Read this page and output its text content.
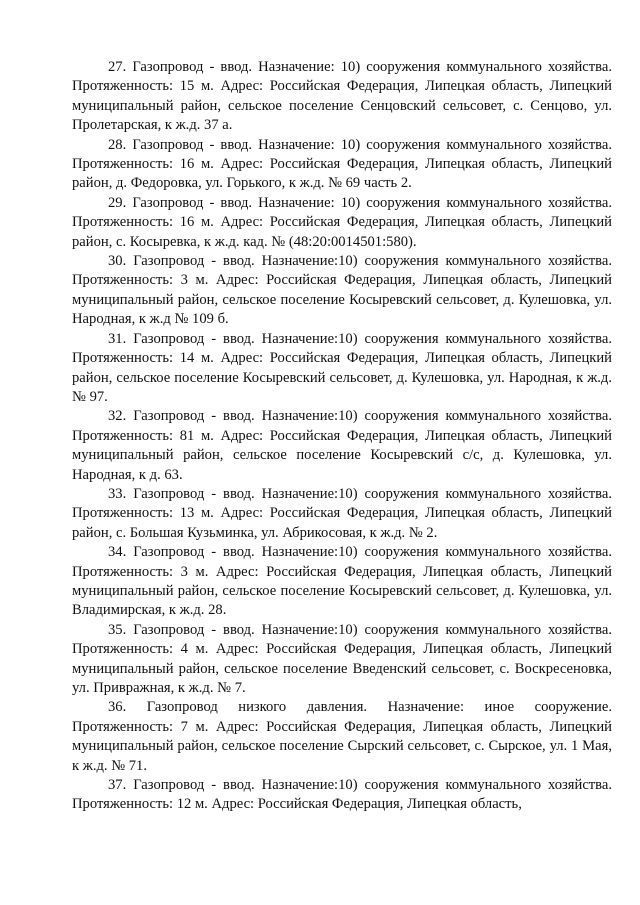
27. Газопровод - ввод. Назначение: 10) сооружения коммунального хозяйства. Протяженность: 15 м. Адрес: Российская Федерация, Липецкая область, Липецкий муниципальный район, сельское поселение Сенцовский сельсовет, с. Сенцово, ул. Пролетарская, к ж.д. 37 а.

28. Газопровод - ввод. Назначение: 10) сооружения коммунального хозяйства. Протяженность: 16 м. Адрес: Российская Федерация, Липецкая область, Липецкий район, д. Федоровка, ул. Горького, к ж.д. № 69 часть 2.

29. Газопровод - ввод. Назначение: 10) сооружения коммунального хозяйства. Протяженность: 16 м. Адрес: Российская Федерация, Липецкая область, Липецкий район, с. Косыревка, к ж.д. кад. № (48:20:0014501:580).

30. Газопровод - ввод. Назначение:10) сооружения коммунального хозяйства. Протяженность: 3 м. Адрес: Российская Федерация, Липецкая область, Липецкий муниципальный район, сельское поселение Косыревский сельсовет, д. Кулешовка, ул. Народная, к ж.д № 109 б.

31. Газопровод - ввод. Назначение:10) сооружения коммунального хозяйства. Протяженность: 14 м. Адрес: Российская Федерация, Липецкая область, Липецкий район, сельское поселение Косыревский сельсовет, д. Кулешовка, ул. Народная, к ж.д. № 97.

32. Газопровод - ввод. Назначение:10) сооружения коммунального хозяйства. Протяженность: 81 м. Адрес: Российская Федерация, Липецкая область, Липецкий муниципальный район, сельское поселение Косыревский с/с, д. Кулешовка, ул. Народная, к д. 63.

33. Газопровод - ввод. Назначение:10) сооружения коммунального хозяйства. Протяженность: 13 м. Адрес: Российская Федерация, Липецкая область, Липецкий район, с. Большая Кузьминка, ул. Абрикосовая, к ж.д. № 2.

34. Газопровод - ввод. Назначение:10) сооружения коммунального хозяйства. Протяженность: 3 м. Адрес: Российская Федерация, Липецкая область, Липецкий муниципальный район, сельское поселение Косыревский сельсовет, д. Кулешовка, ул. Владимирская, к ж.д. 28.

35. Газопровод - ввод. Назначение:10) сооружения коммунального хозяйства. Протяженность: 4 м. Адрес: Российская Федерация, Липецкая область, Липецкий муниципальный район, сельское поселение Введенский сельсовет, с. Воскресеновка, ул. Привражная, к ж.д. № 7.

36. Газопровод низкого давления. Назначение: иное сооружение. Протяженность: 7 м. Адрес: Российская Федерация, Липецкая область, Липецкий муниципальный район, сельское поселение Сырский сельсовет, с. Сырское, ул. 1 Мая, к ж.д. № 71.

37. Газопровод - ввод. Назначение:10) сооружения коммунального хозяйства. Протяженность: 12 м. Адрес: Российская Федерация, Липецкая область,
